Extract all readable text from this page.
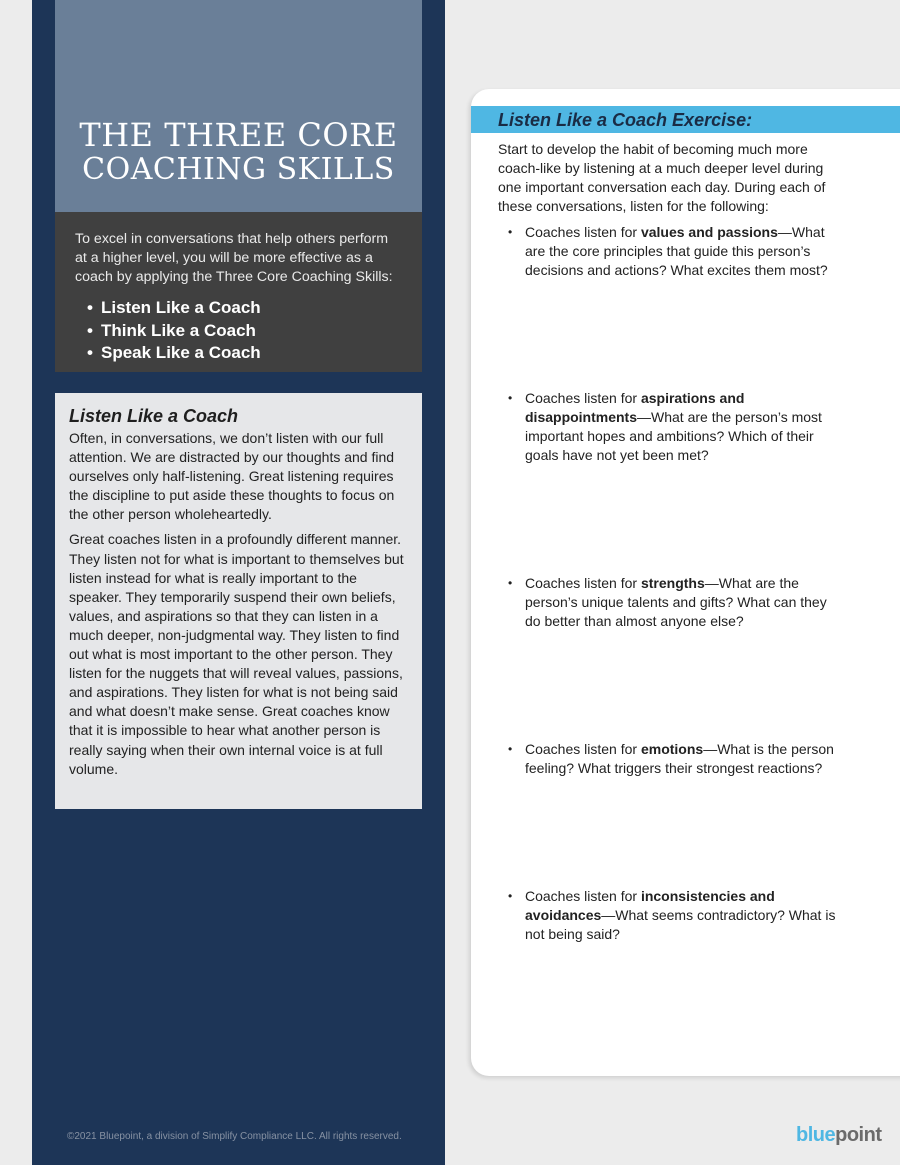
THE THREE CORE
COACHING SKILLS

To excel in conversations that help others perform at a higher level, you will be more effective as a coach by applying the Three Core Coaching Skills:

• Listen Like a Coach
• Think Like a Coach
• Speak Like a Coach
Listen Like a Coach

Often, in conversations, we don’t listen with our full attention. We are distracted by our thoughts and find ourselves only half-listening. Great listening requires the discipline to put aside these thoughts to focus on the other person wholeheartedly.

Great coaches listen in a profoundly different manner. They listen not for what is important to themselves but listen instead for what is really important to the speaker. They temporarily suspend their own beliefs, values, and aspirations so that they can listen in a much deeper, non-judgmental way. They listen to find out what is most important to the other person. They listen for the nuggets that will reveal values, passions, and aspirations. They listen for what is not being said and what doesn’t make sense. Great coaches know that it is impossible to hear what another person is really saying when their own internal voice is at full volume.

©2021 Bluepoint, a division of Simplify Compliance LLC. All rights reserved.
Listen Like a Coach Exercise:

Start to develop the habit of becoming much more coach-like by listening at a much deeper level during one important conversation each day. During each of these conversations, listen for the following:

• Coaches listen for values and passions—What are the core principles that guide this person’s decisions and actions? What excites them most?
• Coaches listen for aspirations and disappointments—What are the person’s most important hopes and ambitions? Which of their goals have not yet been met?
• Coaches listen for strengths—What are the person’s unique talents and gifts? What can they do better than almost anyone else?
• Coaches listen for emotions—What is the person feeling? What triggers their strongest reactions?
• Coaches listen for inconsistencies and avoidances—What seems contradictory? What is not being said?
bluepoint
